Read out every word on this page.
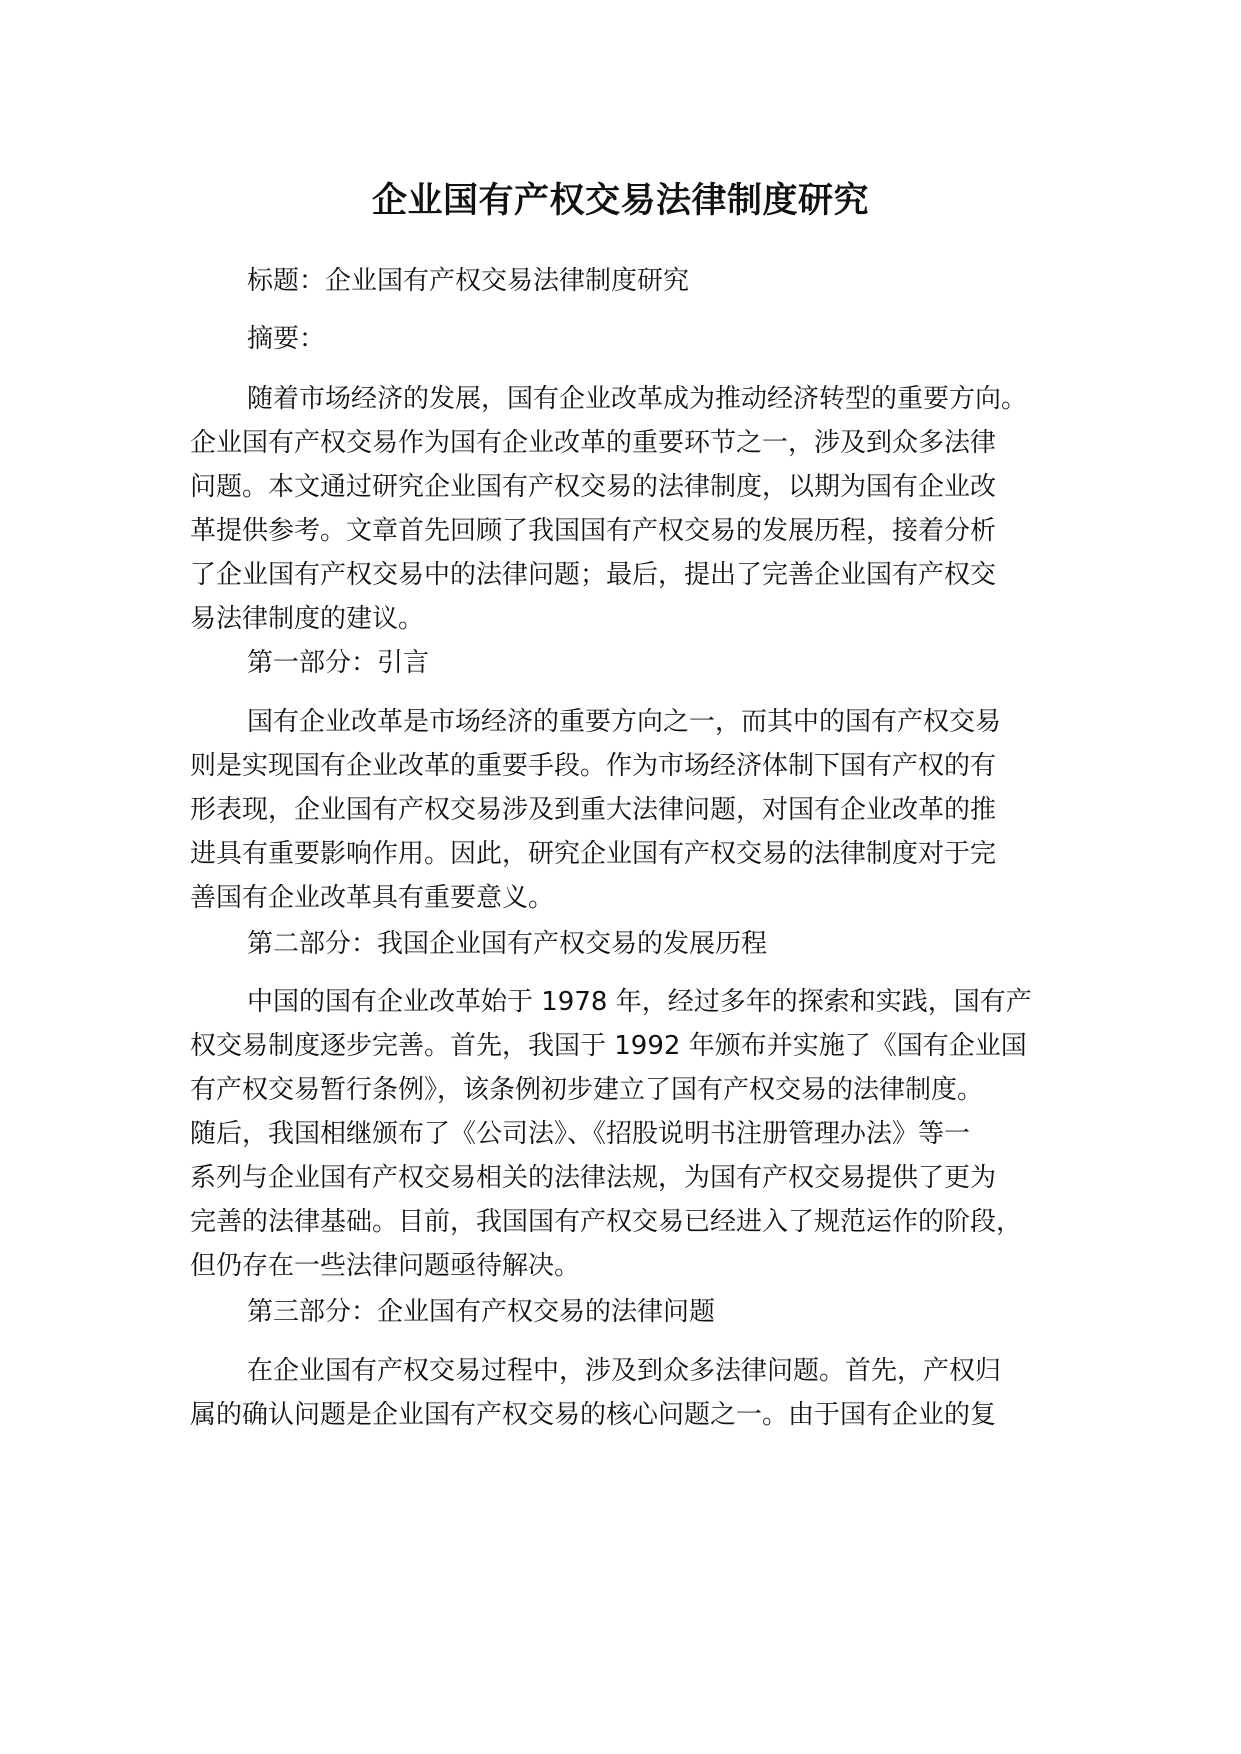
企业国有产权交易法律制度研究

标题：企业国有产权交易法律制度研究

摘要：

随着市场经济的发展，国有企业改革成为推动经济转型的重要方向。

企业国有产权交易作为国有企业改革的重要环节之一，涉及到众多法律

问题。本文通过研究企业国有产权交易的法律制度，以期为国有企业改

革提供参考。文章首先回顾了我国国有产权交易的发展历程，接着分析

了企业国有产权交易中的法律问题；最后，提出了完善企业国有产权交

易法律制度的建议。

第一部分：引言

国有企业改革是市场经济的重要方向之一，而其中的国有产权交易

则是实现国有企业改革的重要手段。作为市场经济体制下国有产权的有

形表现，企业国有产权交易涉及到重大法律问题，对国有企业改革的推

进具有重要影响作用。因此，研究企业国有产权交易的法律制度对于完

善国有企业改革具有重要意义。

第二部分：我国企业国有产权交易的发展历程

中国的国有企业改革始于 1978 年，经过多年的探索和实践，国有产

权交易制度逐步完善。首先，我国于 1992 年颁布并实施了《国有企业国

有产权交易暂行条例》，该条例初步建立了国有产权交易的法律制度。

随后，我国相继颁布了《公司法》、《招股说明书注册管理办法》等一

系列与企业国有产权交易相关的法律法规，为国有产权交易提供了更为

完善的法律基础。目前，我国国有产权交易已经进入了规范运作的阶段，

但仍存在一些法律问题亟待解决。

第三部分：企业国有产权交易的法律问题

在企业国有产权交易过程中，涉及到众多法律问题。首先，产权归

属的确认问题是企业国有产权交易的核心问题之一。由于国有企业的复
